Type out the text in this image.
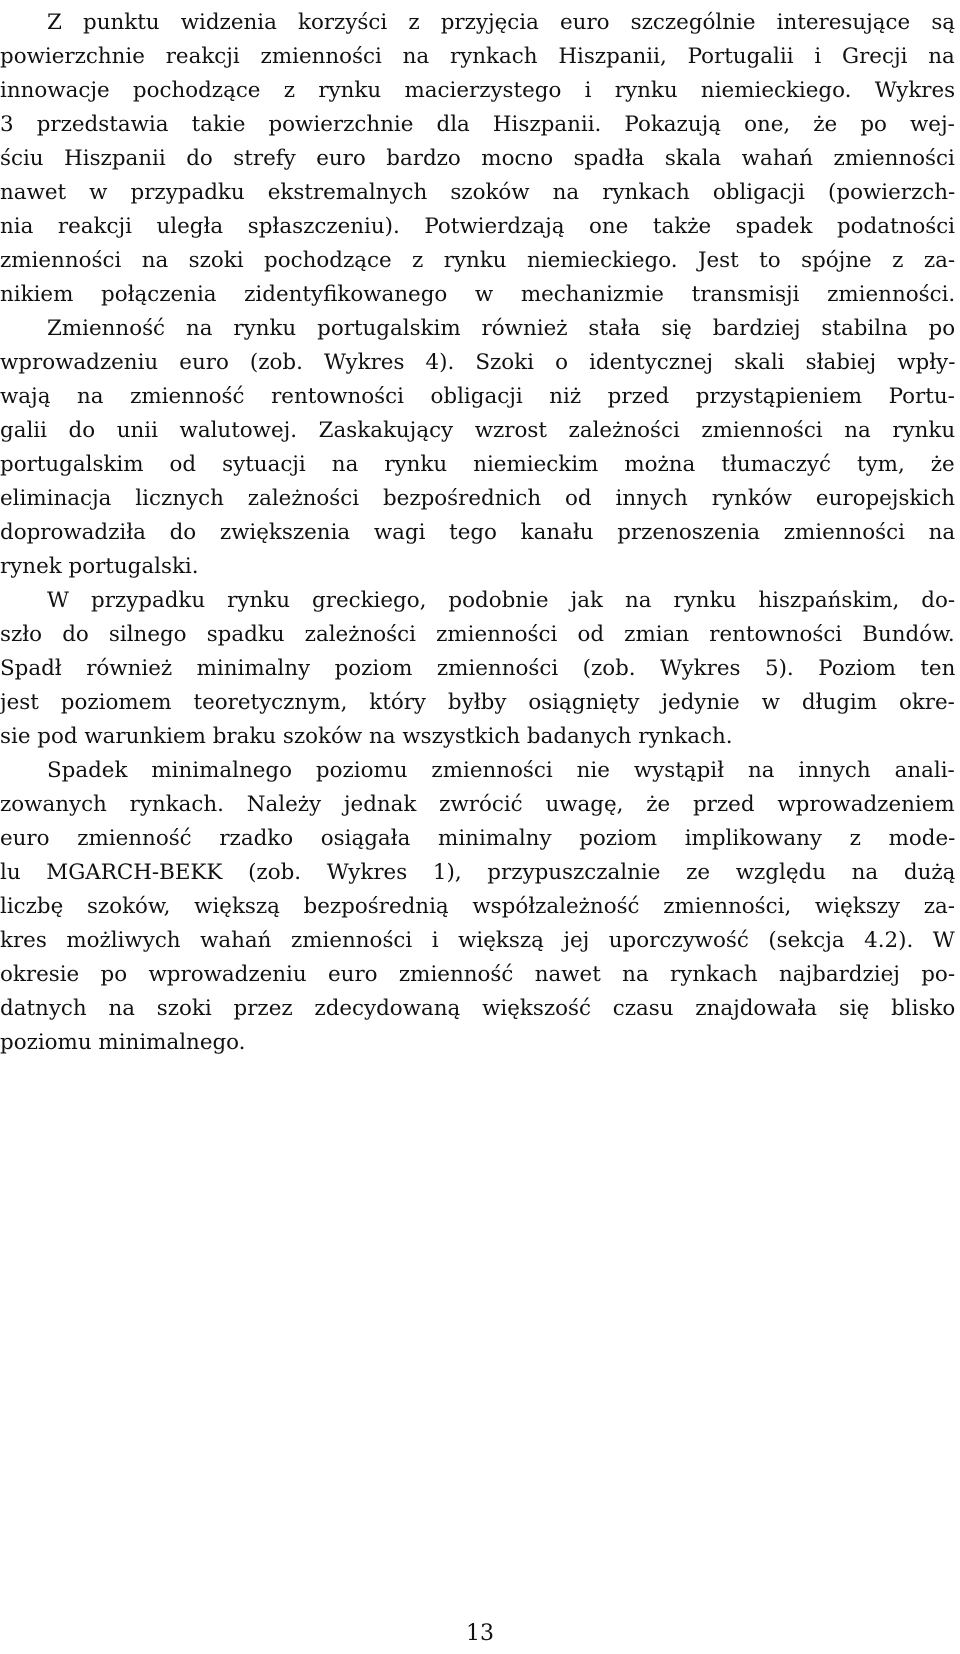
Z punktu widzenia korzyści z przyjęcia euro szczególnie interesujące są
powierzchnie reakcji zmienności na rynkach Hiszpanii, Portugalii i Grecji na
innowacje pochodzące z rynku macierzystego i rynku niemieckiego. Wykres
3 przedstawia takie powierzchnie dla Hiszpanii. Pokazują one, że po wej-
ściu Hiszpanii do strefy euro bardzo mocno spadła skala wahań zmienności
nawet w przypadku ekstremalnych szoków na rynkach obligacji (powierzch-
nia reakcji uległa spłaszczeniu). Potwierdzają one także spadek podatności
zmienności na szoki pochodzące z rynku niemieckiego. Jest to spójne z za-
nikiem połączenia zidentyfikowanego w mechanizmie transmisji zmienności.
Zmienność na rynku portugalskim również stała się bardziej stabilna po
wprowadzeniu euro (zob. Wykres 4). Szoki o identycznej skali słabiej wpły-
wają na zmienność rentowności obligacji niż przed przystąpieniem Portu-
galii do unii walutowej. Zaskakujący wzrost zależności zmienności na rynku
portugalskim od sytuacji na rynku niemieckim można tłumaczyć tym, że
eliminacja licznych zależności bezpośrednich od innych rynków europejskich
doprowadziła do zwiększenia wagi tego kanału przenoszenia zmienności na
rynek portugalski.
W przypadku rynku greckiego, podobnie jak na rynku hiszpańskim, do-
szło do silnego spadku zależności zmienności od zmian rentowności Bundów.
Spadł również minimalny poziom zmienności (zob. Wykres 5). Poziom ten
jest poziomem teoretycznym, który byłby osiągnięty jedynie w długim okre-
sie pod warunkiem braku szoków na wszystkich badanych rynkach.
Spadek minimalnego poziomu zmienności nie wystąpił na innych anali-
zowanych rynkach. Należy jednak zwrócić uwagę, że przed wprowadzeniem
euro zmienność rzadko osiągała minimalny poziom implikowany z mode-
lu MGARCH-BEKK (zob. Wykres 1), przypuszczalnie ze względu na dużą
liczbę szoków, większą bezpośrednią współzależność zmienności, większy za-
kres możliwych wahań zmienności i większą jej uporczywość (sekcja 4.2). W
okresie po wprowadzeniu euro zmienność nawet na rynkach najbardziej po-
datnych na szoki przez zdecydowaną większość czasu znajdowała się blisko
poziomu minimalnego.
13
